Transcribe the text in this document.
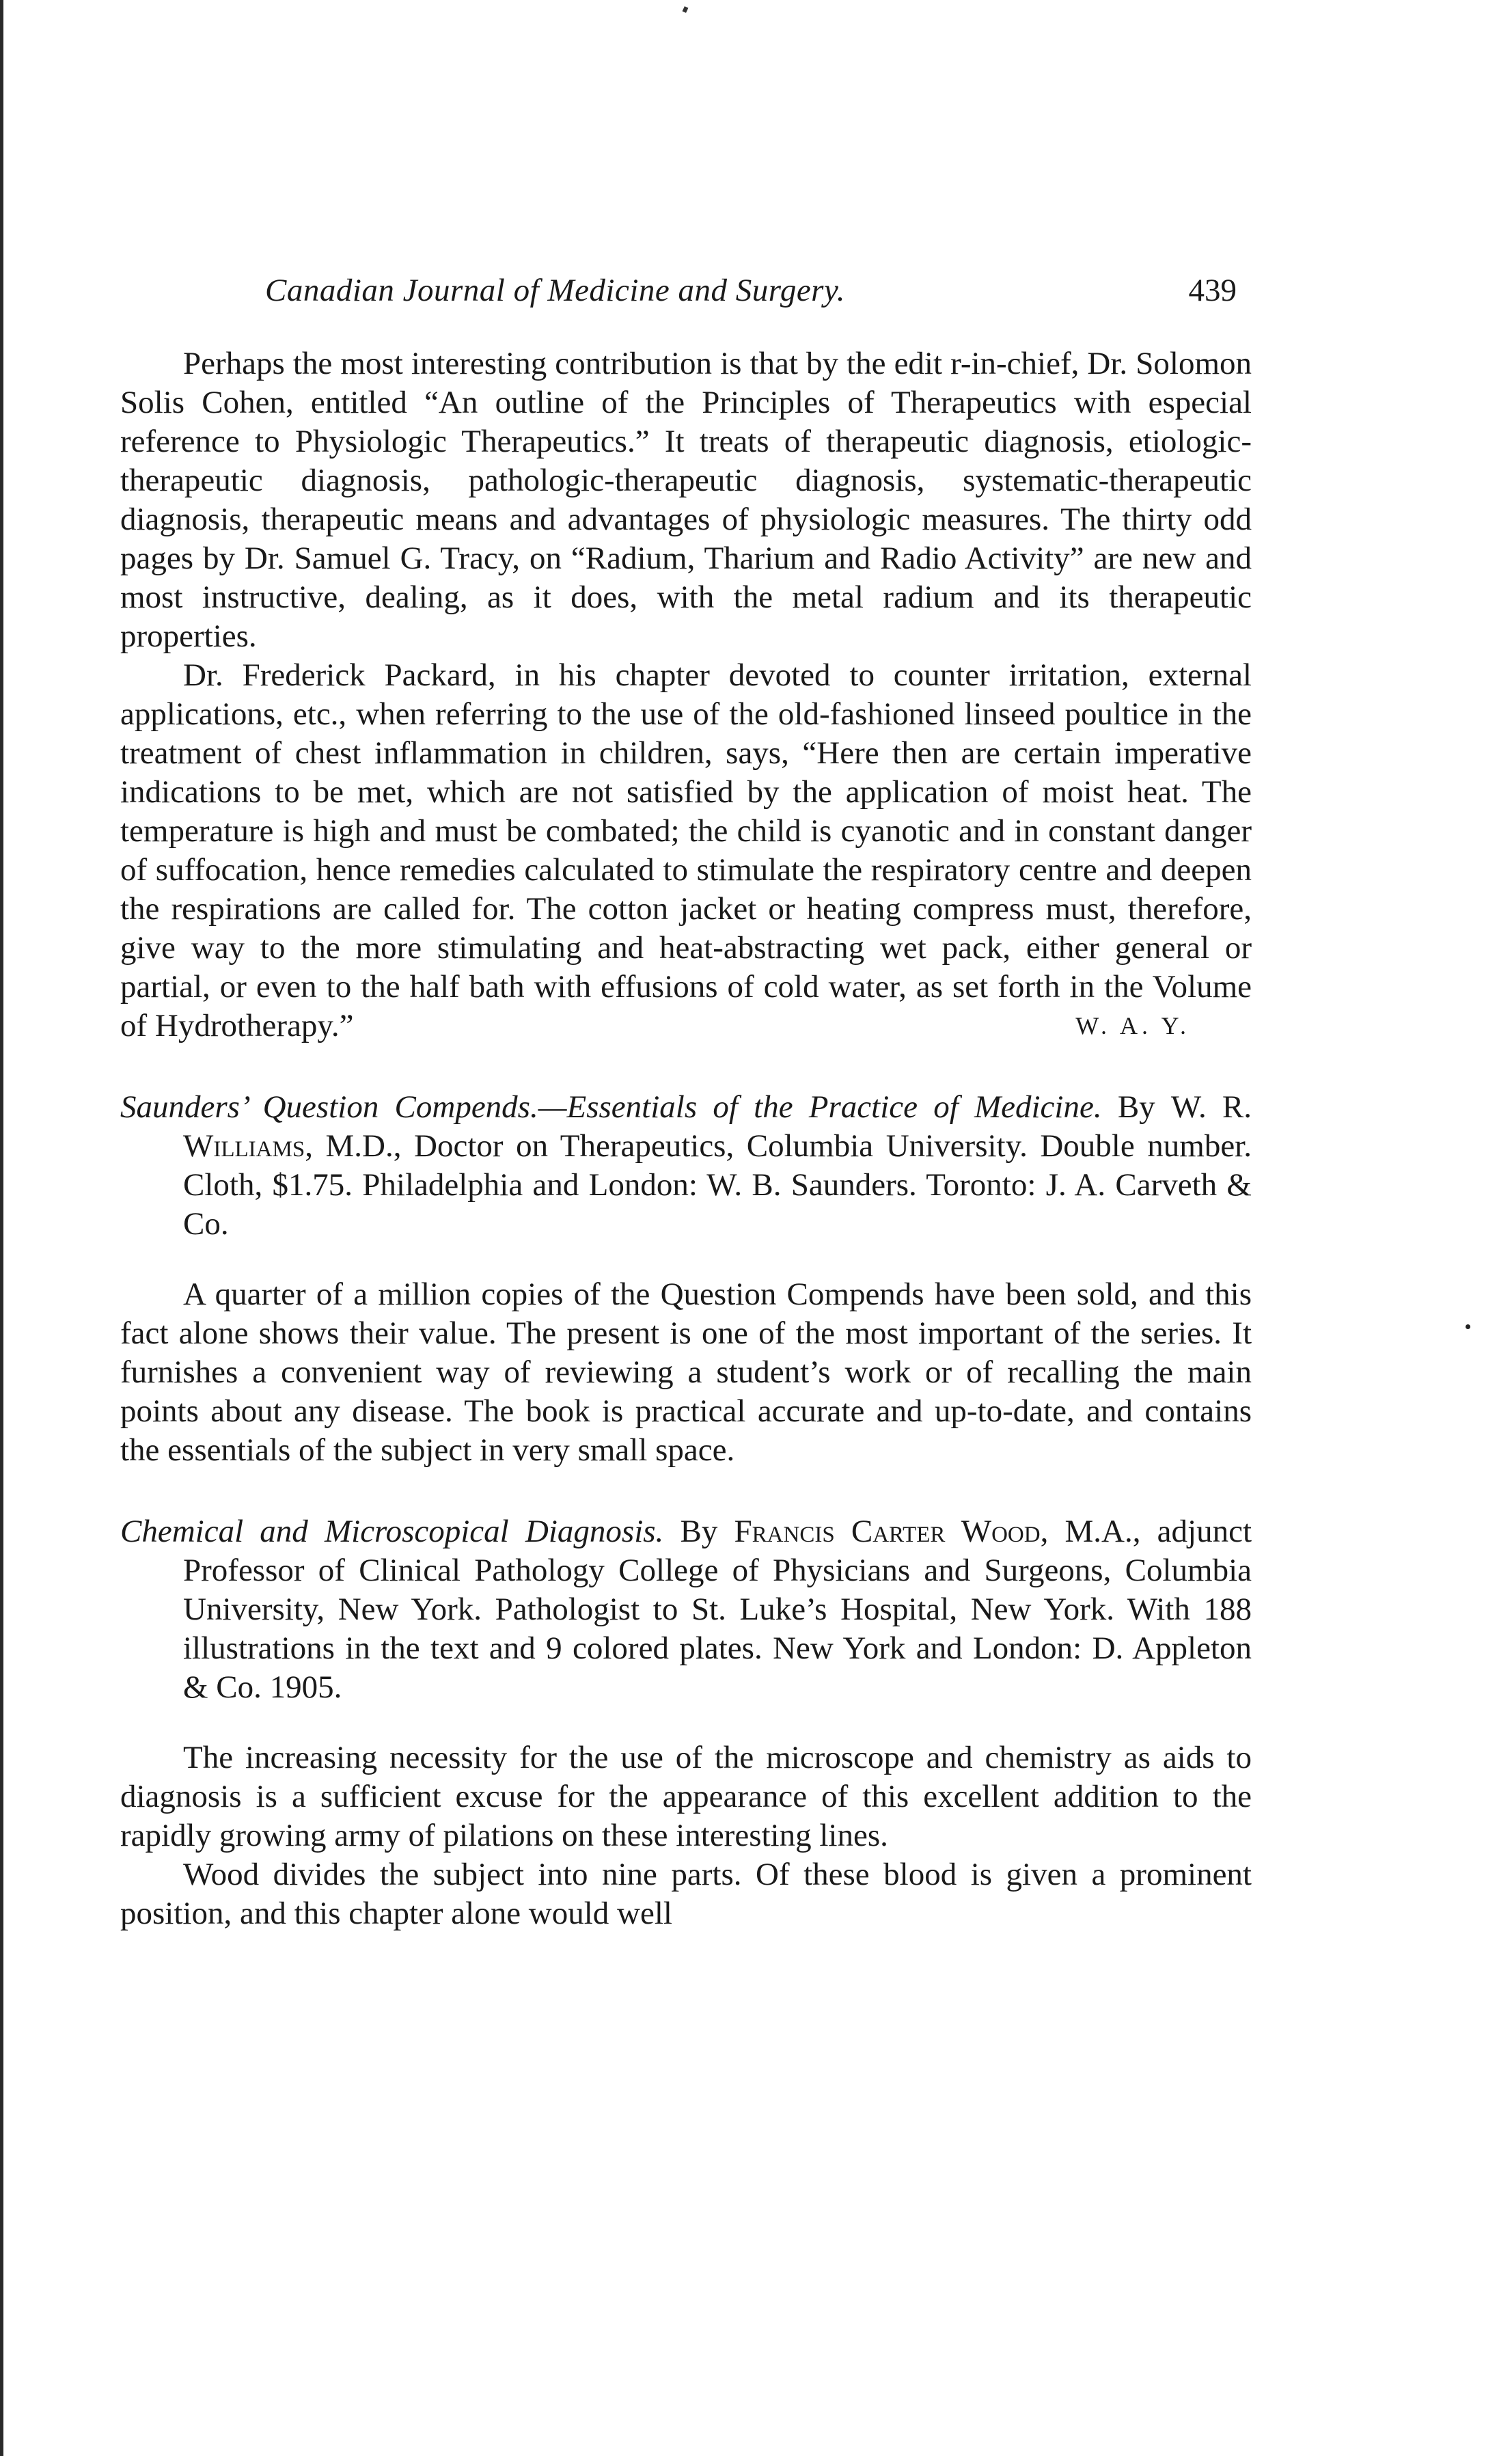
Canadian Journal of Medicine and Surgery.	439

Perhaps the most interesting contribution is that by the edit r-in-chief, Dr. Solomon Solis Cohen, entitled “An outline of the Principles of Therapeutics with especial reference to Physiologic Therapeutics.” It treats of therapeutic diagnosis, etiologic-therapeutic diagnosis, pathologic-therapeutic diagnosis, systematic-therapeutic diagnosis, therapeutic means and advantages of physiologic measures. The thirty odd pages by Dr. Samuel G. Tracy, on “Radium, Tharium and Radio Activity” are new and most instructive, dealing, as it does, with the metal radium and its therapeutic properties.

Dr. Frederick Packard, in his chapter devoted to counter irritation, external applications, etc., when referring to the use of the old-fashioned linseed poultice in the treatment of chest inflammation in children, says, “Here then are certain imperative indications to be met, which are not satisfied by the application of moist heat. The temperature is high and must be combated; the child is cyanotic and in constant danger of suffocation, hence remedies calculated to stimulate the respiratory centre and deepen the respirations are called for. The cotton jacket or heating compress must, therefore, give way to the more stimulating and heat-abstracting wet pack, either general or partial, or even to the half bath with effusions of cold water, as set forth in the Volume of Hydrotherapy.”	W. A. Y.

Saunders’ Question Compends.—Essentials of the Practice of Medicine. By W. R. Williams, M.D., Doctor on Therapeutics, Columbia University. Double number. Cloth, $1.75. Philadelphia and London: W. B. Saunders. Toronto: J. A. Carveth & Co.

A quarter of a million copies of the Question Compends have been sold, and this fact alone shows their value. The present is one of the most important of the series. It furnishes a convenient way of reviewing a student’s work or of recalling the main points about any disease. The book is practical accurate and up-to-date, and contains the essentials of the subject in very small space.

Chemical and Microscopical Diagnosis. By Francis Carter Wood, M.A., adjunct Professor of Clinical Pathology College of Physicians and Surgeons, Columbia University, New York. Pathologist to St. Luke’s Hospital, New York. With 188 illustrations in the text and 9 colored plates. New York and London: D. Appleton & Co. 1905.

The increasing necessity for the use of the microscope and chemistry as aids to diagnosis is a sufficient excuse for the appearance of this excellent addition to the rapidly growing army of pilations on these interesting lines.

Wood divides the subject into nine parts. Of these blood is given a prominent position, and this chapter alone would well
